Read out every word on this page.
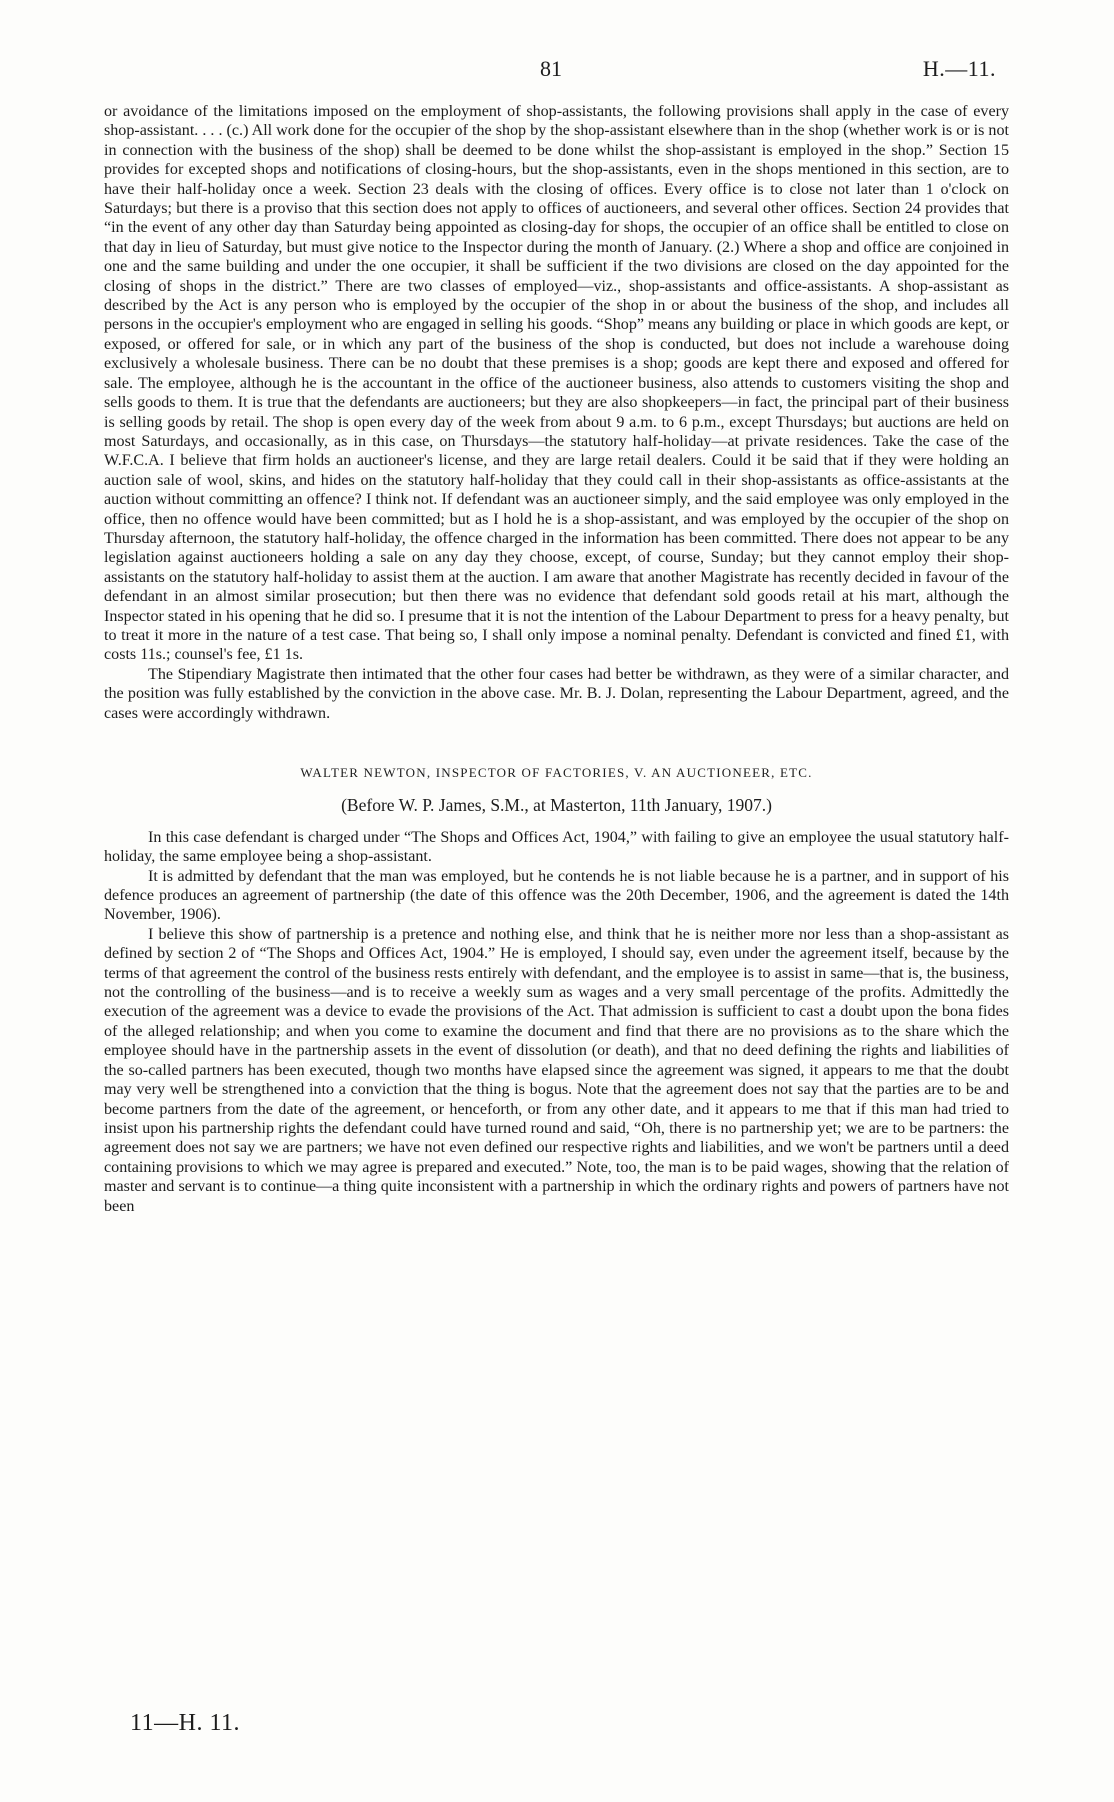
81	H.—11.

or avoidance of the limitations imposed on the employment of shop-assistants, the following provisions shall apply in the case of every shop-assistant. . . . (c.) All work done for the occupier of the shop by the shop-assistant elsewhere than in the shop (whether work is or is not in connection with the business of the shop) shall be deemed to be done whilst the shop-assistant is employed in the shop.” Section 15 provides for excepted shops and notifications of closing-hours, but the shop-assistants, even in the shops mentioned in this section, are to have their half-holiday once a week. Section 23 deals with the closing of offices. Every office is to close not later than 1 o'clock on Saturdays; but there is a proviso that this section does not apply to offices of auctioneers, and several other offices. Section 24 provides that “in the event of any other day than Saturday being appointed as closing-day for shops, the occupier of an office shall be entitled to close on that day in lieu of Saturday, but must give notice to the Inspector during the month of January. (2.) Where a shop and office are conjoined in one and the same building and under the one occupier, it shall be sufficient if the two divisions are closed on the day appointed for the closing of shops in the district.” There are two classes of employed—viz., shop-assistants and office-assistants. A shop-assistant as described by the Act is any person who is employed by the occupier of the shop in or about the business of the shop, and includes all persons in the occupier's employment who are engaged in selling his goods. “Shop” means any building or place in which goods are kept, or exposed, or offered for sale, or in which any part of the business of the shop is conducted, but does not include a warehouse doing exclusively a wholesale business. There can be no doubt that these premises is a shop; goods are kept there and exposed and offered for sale. The employee, although he is the accountant in the office of the auctioneer business, also attends to customers visiting the shop and sells goods to them. It is true that the defendants are auctioneers; but they are also shopkeepers—in fact, the principal part of their business is selling goods by retail. The shop is open every day of the week from about 9 a.m. to 6 p.m., except Thursdays; but auctions are held on most Saturdays, and occasionally, as in this case, on Thursdays—the statutory half-holiday—at private residences. Take the case of the W.F.C.A. I believe that firm holds an auctioneer's license, and they are large retail dealers. Could it be said that if they were holding an auction sale of wool, skins, and hides on the statutory half-holiday that they could call in their shop-assistants as office-assistants at the auction without committing an offence? I think not. If defendant was an auctioneer simply, and the said employee was only employed in the office, then no offence would have been committed; but as I hold he is a shop-assistant, and was employed by the occupier of the shop on Thursday afternoon, the statutory half-holiday, the offence charged in the information has been committed. There does not appear to be any legislation against auctioneers holding a sale on any day they choose, except, of course, Sunday; but they cannot employ their shop-assistants on the statutory half-holiday to assist them at the auction. I am aware that another Magistrate has recently decided in favour of the defendant in an almost similar prosecution; but then there was no evidence that defendant sold goods retail at his mart, although the Inspector stated in his opening that he did so. I presume that it is not the intention of the Labour Department to press for a heavy penalty, but to treat it more in the nature of a test case. That being so, I shall only impose a nominal penalty. Defendant is convicted and fined £1, with costs 11s.; counsel's fee, £1 1s.

The Stipendiary Magistrate then intimated that the other four cases had better be withdrawn, as they were of a similar character, and the position was fully established by the conviction in the above case. Mr. B. J. Dolan, representing the Labour Department, agreed, and the cases were accordingly withdrawn.

WALTER NEWTON, INSPECTOR OF FACTORIES, V. AN AUCTIONEER, ETC.
(Before W. P. James, S.M., at Masterton, 11th January, 1907.)

In this case defendant is charged under “The Shops and Offices Act, 1904,” with failing to give an employee the usual statutory half-holiday, the same employee being a shop-assistant.

It is admitted by defendant that the man was employed, but he contends he is not liable because he is a partner, and in support of his defence produces an agreement of partnership (the date of this offence was the 20th December, 1906, and the agreement is dated the 14th November, 1906).

I believe this show of partnership is a pretence and nothing else, and think that he is neither more nor less than a shop-assistant as defined by section 2 of “The Shops and Offices Act, 1904.” He is employed, I should say, even under the agreement itself, because by the terms of that agreement the control of the business rests entirely with defendant, and the employee is to assist in same—that is, the business, not the controlling of the business—and is to receive a weekly sum as wages and a very small percentage of the profits. Admittedly the execution of the agreement was a device to evade the provisions of the Act. That admission is sufficient to cast a doubt upon the bona fides of the alleged relationship; and when you come to examine the document and find that there are no provisions as to the share which the employee should have in the partnership assets in the event of dissolution (or death), and that no deed defining the rights and liabilities of the so-called partners has been executed, though two months have elapsed since the agreement was signed, it appears to me that the doubt may very well be strengthened into a conviction that the thing is bogus. Note that the agreement does not say that the parties are to be and become partners from the date of the agreement, or henceforth, or from any other date, and it appears to me that if this man had tried to insist upon his partnership rights the defendant could have turned round and said, “Oh, there is no partnership yet; we are to be partners: the agreement does not say we are partners; we have not even defined our respective rights and liabilities, and we won't be partners until a deed containing provisions to which we may agree is prepared and executed.” Note, too, the man is to be paid wages, showing that the relation of master and servant is to continue—a thing quite inconsistent with a partnership in which the ordinary rights and powers of partners have not been

11—H. 11.
